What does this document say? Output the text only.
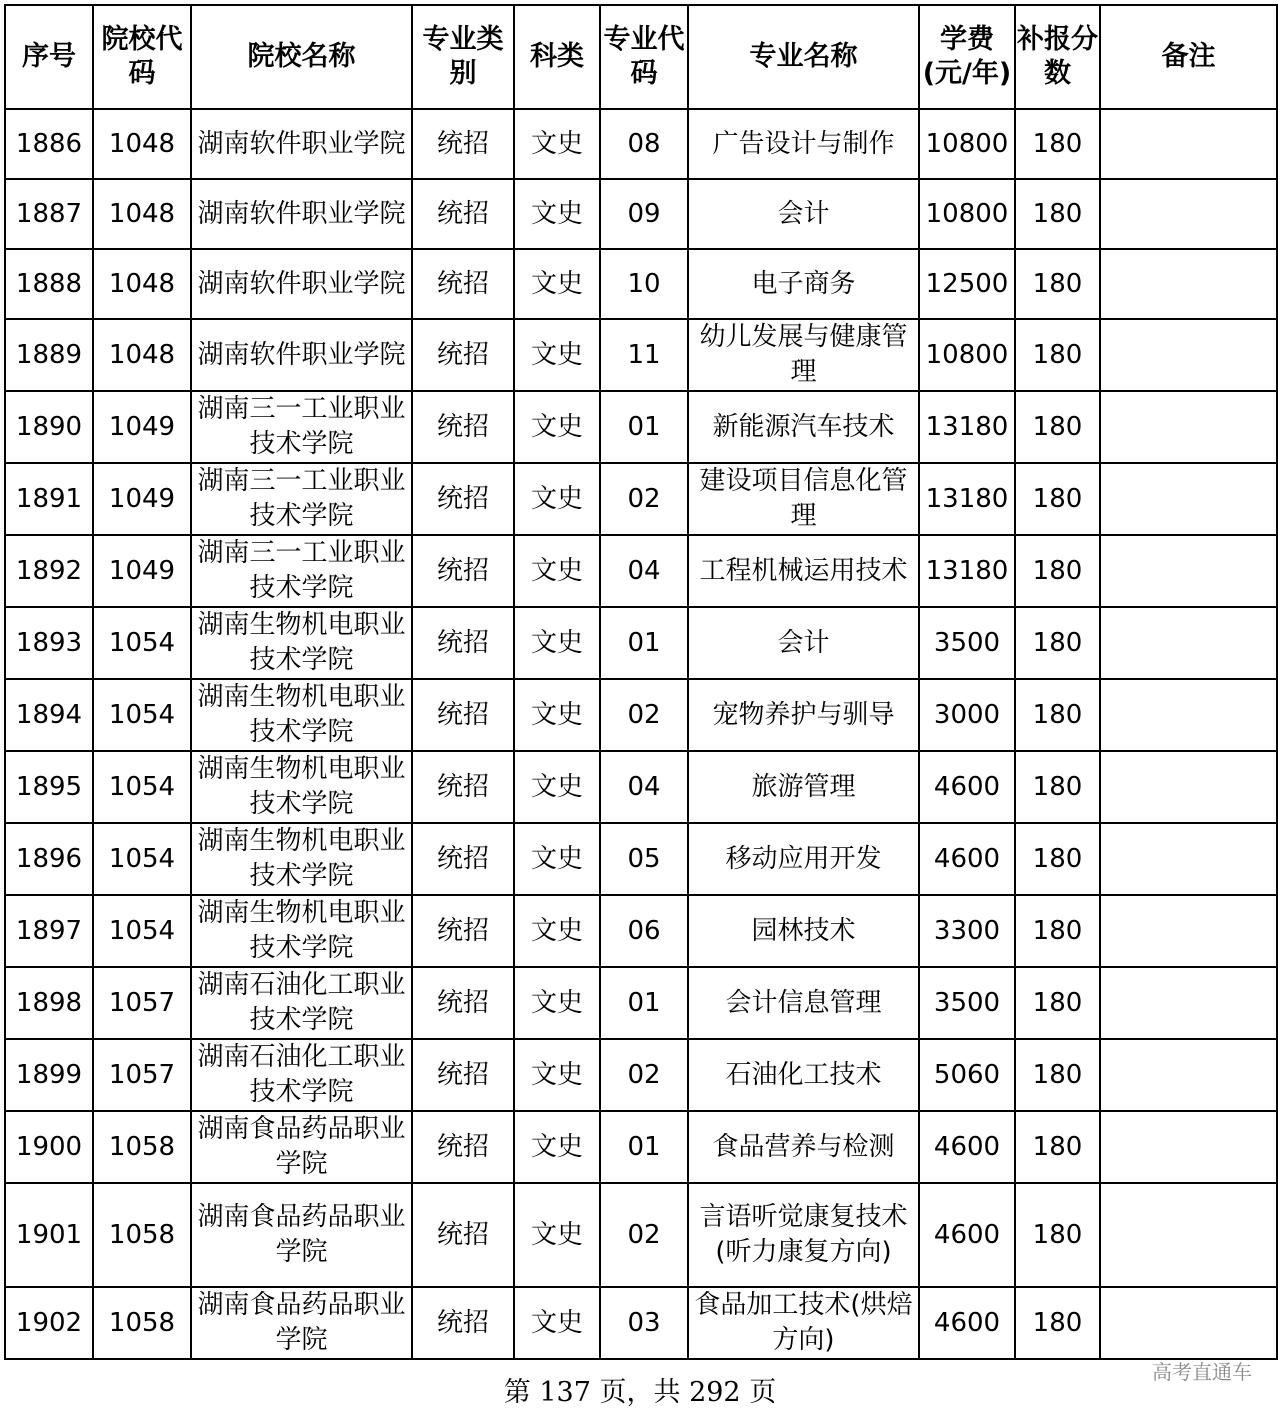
序号	院校代码	院校名称	专业类别	科类	专业代码	专业名称	学费(元/年)	补报分数	备注
1886	1048	湖南软件职业学院	统招	文史	08	广告设计与制作	10800	180	
1887	1048	湖南软件职业学院	统招	文史	09	会计	10800	180	
1888	1048	湖南软件职业学院	统招	文史	10	电子商务	12500	180	
1889	1048	湖南软件职业学院	统招	文史	11	幼儿发展与健康管理	10800	180	
1890	1049	湖南三一工业职业技术学院	统招	文史	01	新能源汽车技术	13180	180	
1891	1049	湖南三一工业职业技术学院	统招	文史	02	建设项目信息化管理	13180	180	
1892	1049	湖南三一工业职业技术学院	统招	文史	04	工程机械运用技术	13180	180	
1893	1054	湖南生物机电职业技术学院	统招	文史	01	会计	3500	180	
1894	1054	湖南生物机电职业技术学院	统招	文史	02	宠物养护与驯导	3000	180	
1895	1054	湖南生物机电职业技术学院	统招	文史	04	旅游管理	4600	180	
1896	1054	湖南生物机电职业技术学院	统招	文史	05	移动应用开发	4600	180	
1897	1054	湖南生物机电职业技术学院	统招	文史	06	园林技术	3300	180	
1898	1057	湖南石油化工职业技术学院	统招	文史	01	会计信息管理	3500	180	
1899	1057	湖南石油化工职业技术学院	统招	文史	02	石油化工技术	5060	180	
1900	1058	湖南食品药品职业学院	统招	文史	01	食品营养与检测	4600	180	
1901	1058	湖南食品药品职业学院	统招	文史	02	言语听觉康复技术(听力康复方向)	4600	180	
1902	1058	湖南食品药品职业学院	统招	文史	03	食品加工技术(烘焙方向)	4600	180	
第 137 页，共 292 页
高考直通车
